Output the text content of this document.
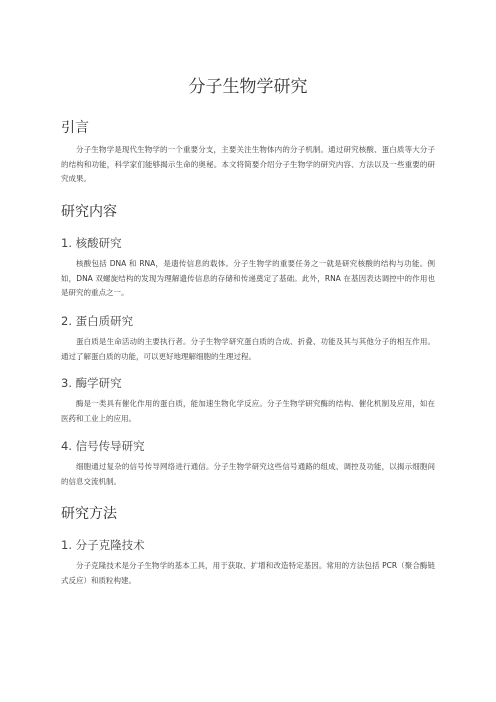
分子生物学研究
引言

分子生物学是现代生物学的一个重要分支，主要关注生物体内的分子机制。通过研究核酸、蛋白质等大分子的结构和功能，科学家们能够揭示生命的奥秘。本文将简要介绍分子生物学的研究内容、方法以及一些重要的研究成果。

研究内容
1. 核酸研究

核酸包括 DNA 和 RNA，是遗传信息的载体。分子生物学的重要任务之一就是研究核酸的结构与功能。例如，DNA 双螺旋结构的发现为理解遗传信息的存储和传递奠定了基础。此外，RNA 在基因表达调控中的作用也是研究的重点之一。

2. 蛋白质研究

蛋白质是生命活动的主要执行者。分子生物学研究蛋白质的合成、折叠、功能及其与其他分子的相互作用。通过了解蛋白质的功能，可以更好地理解细胞的生理过程。

3. 酶学研究

酶是一类具有催化作用的蛋白质，能加速生物化学反应。分子生物学研究酶的结构、催化机制及应用，如在医药和工业上的应用。

4. 信号传导研究

细胞通过复杂的信号传导网络进行通信。分子生物学研究这些信号通路的组成、调控及功能，以揭示细胞间的信息交流机制。

研究方法
1. 分子克隆技术

分子克隆技术是分子生物学的基本工具，用于获取、扩增和改造特定基因。常用的方法包括 PCR（聚合酶链式反应）和质粒构建。
